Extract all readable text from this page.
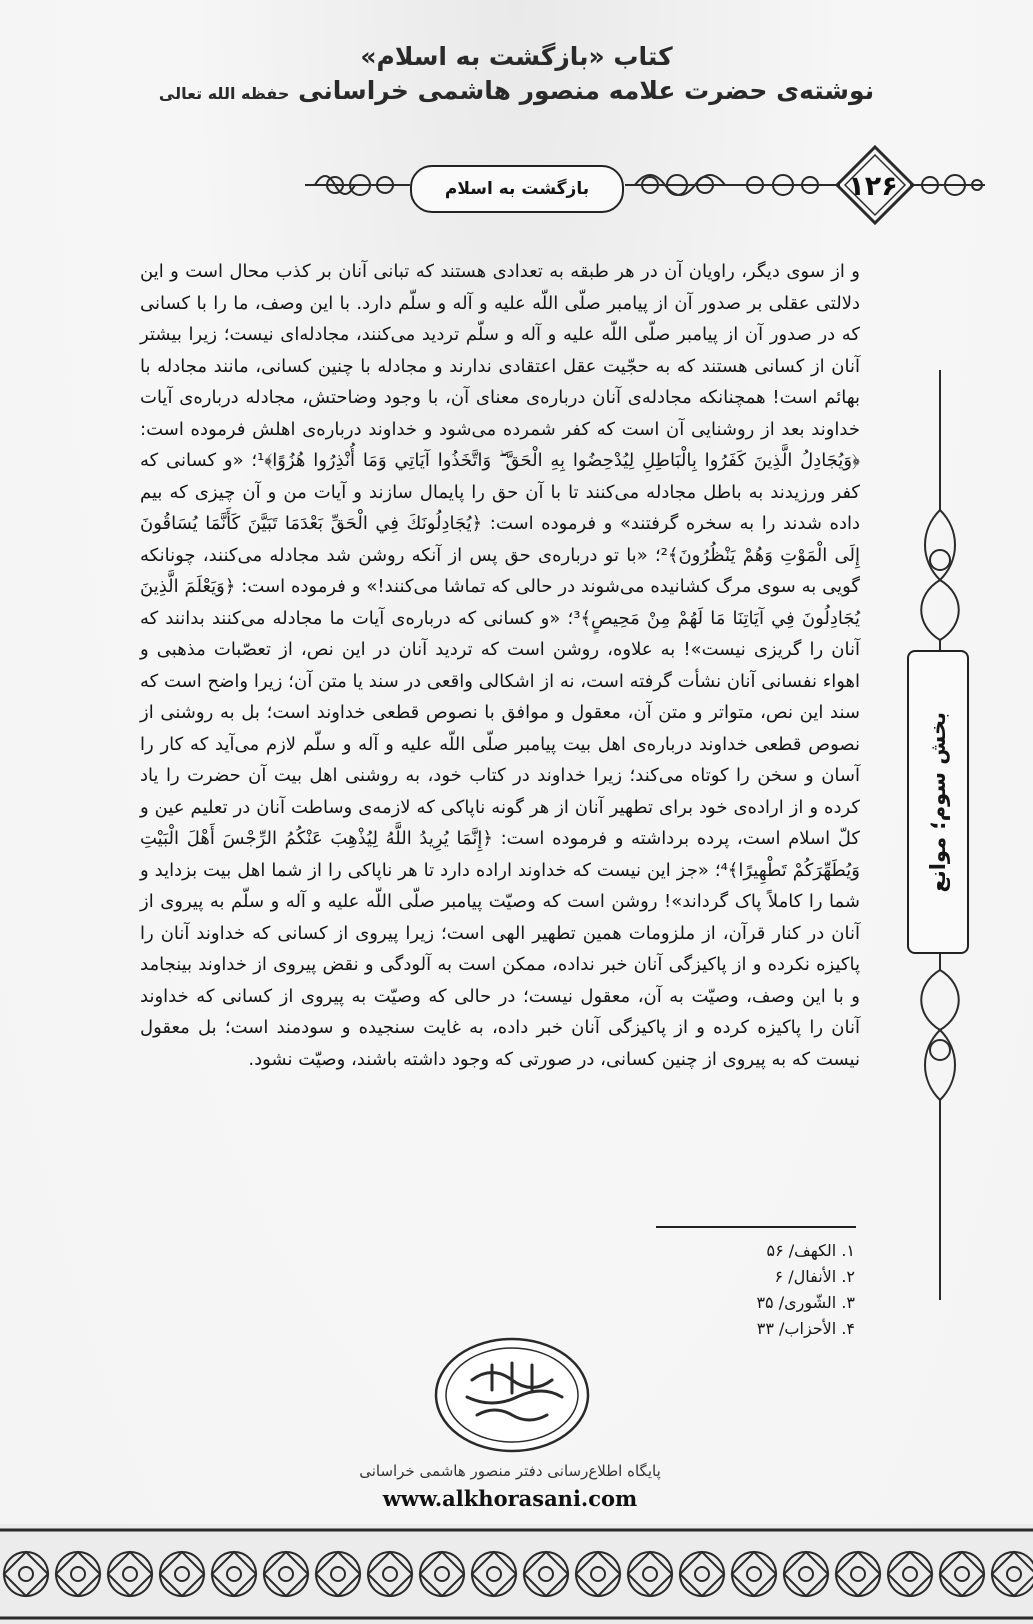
کتاب «بازگشت به اسلام»
نوشته‌ی حضرت علامه منصور هاشمی خراسانی حفظه الله تعالی
۱۲۶
بازگشت به اسلام

و از سوی دیگر، راویان آن در هر طبقه به تعدادی هستند که تبانی آنان بر کذب محال است و این دلالتی عقلی بر صدور آن از پیامبر صلّی اللّه علیه و آله و سلّم دارد. با این وصف، ما را با کسانی که در صدور آن از پیامبر صلّی اللّه علیه و آله و سلّم تردید می‌کنند، مجادله‌ای نیست؛ زیرا بیشتر آنان از کسانی هستند که به حجّیت عقل اعتقادی ندارند و مجادله با چنین کسانی، مانند مجادله با بهائم است! همچنانکه مجادله‌ی آنان درباره‌ی معنای آن، با وجود وضاحتش، مجادله درباره‌ی آیات خداوند بعد از روشنایی آن است که کفر شمرده می‌شود و خداوند درباره‌ی اهلش فرموده است: ﴿وَيُجَادِلُ الَّذِينَ كَفَرُوا بِالْبَاطِلِ لِيُدْحِضُوا بِهِ الْحَقَّ ۖ وَاتَّخَذُوا آيَاتِي وَمَا أُنْذِرُوا هُزُوًا﴾¹؛ «و کسانی که کفر ورزیدند به باطل مجادله می‌کنند تا با آن حق را پایمال سازند و آیات من و آن چیزی که بیم داده شدند را به سخره گرفتند» و فرموده است: ﴿يُجَادِلُونَكَ فِي الْحَقِّ بَعْدَمَا تَبَيَّنَ كَأَنَّمَا يُسَاقُونَ إِلَى الْمَوْتِ وَهُمْ يَنْظُرُونَ﴾²؛ «با تو درباره‌ی حق پس از آنکه روشن شد مجادله می‌کنند، چونانکه گویی به سوی مرگ کشانیده می‌شوند در حالی که تماشا می‌کنند!» و فرموده است: ﴿وَيَعْلَمَ الَّذِينَ يُجَادِلُونَ فِي آيَاتِنَا مَا لَهُمْ مِنْ مَحِيصٍ﴾³؛ «و کسانی که درباره‌ی آیات ما مجادله می‌کنند بدانند که آنان را گریزی نیست»! به علاوه، روشن است که تردید آنان در این نص، از تعصّبات مذهبی و اهواء نفسانی آنان نشأت گرفته است، نه از اشکالی واقعی در سند یا متن آن؛ زیرا واضح است که سند این نص، متواتر و متن آن، معقول و موافق با نصوص قطعی خداوند است؛ بل به روشنی از نصوص قطعی خداوند درباره‌ی اهل بیت پیامبر صلّی اللّه علیه و آله و سلّم لازم می‌آید که کار را آسان و سخن را کوتاه می‌کند؛ زیرا خداوند در کتاب خود، به روشنی اهل بیت آن حضرت را یاد کرده و از اراده‌ی خود برای تطهیر آنان از هر گونه ناپاکی که لازمه‌ی وساطت آنان در تعلیم عین و کلّ اسلام است، پرده برداشته و فرموده است: ﴿إِنَّمَا يُرِيدُ اللَّهُ لِيُذْهِبَ عَنْكُمُ الرِّجْسَ أَهْلَ الْبَيْتِ وَيُطَهِّرَكُمْ تَطْهِيرًا﴾⁴؛ «جز این نیست که خداوند اراده دارد تا هر ناپاکی را از شما اهل بیت بزداید و شما را کاملاً پاک گرداند»! روشن است که وصیّت پیامبر صلّی اللّه علیه و آله و سلّم به پیروی از آنان در کنار قرآن، از ملزومات همین تطهیر الهی است؛ زیرا پیروی از کسانی که خداوند آنان را پاکیزه نکرده و از پاکیزگی آنان خبر نداده، ممکن است به آلودگی و نقض پیروی از خداوند بینجامد و با این وصف، وصیّت به آن، معقول نیست؛ در حالی که وصیّت به پیروی از کسانی که خداوند آنان را پاکیزه کرده و از پاکیزگی آنان خبر داده، به غایت سنجیده و سودمند است؛ بل معقول نیست که به پیروی از چنین کسانی، در صورتی که وجود داشته باشند، وصیّت نشود.

بخش سوم؛ موانع
۱. الکهف/ ۵۶
۲. الأنفال/ ۶
۳. الشّوری/ ۳۵
۴. الأحزاب/ ۳۳
پایگاه اطلاع‌رسانی دفتر منصور هاشمی خراسانی
www.alkhorasani.com
